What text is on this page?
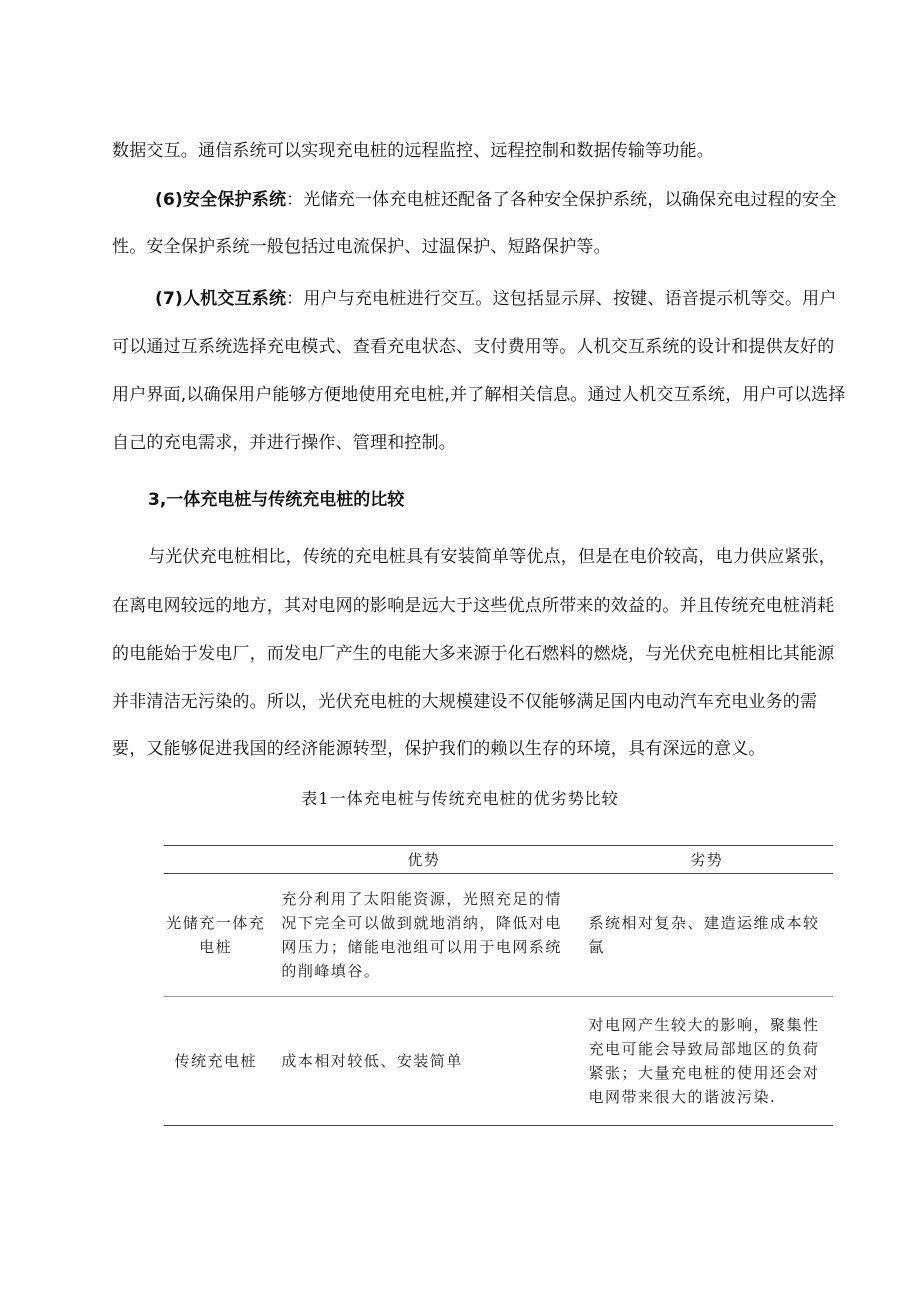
数据交互。通信系统可以实现充电桩的远程监控、远程控制和数据传输等功能。
(6)安全保护系统：光储充一体充电桩还配备了各种安全保护系统，以确保充电过程的安全
性。安全保护系统一般包括过电流保护、过温保护、短路保护等。
(7)人机交互系统：用户与充电桩进行交互。这包括显示屏、按键、语音提示机等交。用户
可以通过互系统选择充电模式、查看充电状态、支付费用等。人机交互系统的设计和提供友好的
用户界面,以确保用户能够方便地使用充电桩,并了解相关信息。通过人机交互系统，用户可以选择
自己的充电需求，并进行操作、管理和控制。
3,一体充电桩与传统充电桩的比较
与光伏充电桩相比，传统的充电桩具有安装简单等优点，但是在电价较高，电力供应紧张，
在离电网较远的地方，其对电网的影响是远大于这些优点所带来的效益的。并且传统充电桩消耗
的电能始于发电厂，而发电厂产生的电能大多来源于化石燃料的燃烧，与光伏充电桩相比其能源
并非清洁无污染的。所以，光伏充电桩的大规模建设不仅能够满足国内电动汽车充电业务的需
要，又能够促进我国的经济能源转型，保护我们的赖以生存的环境，具有深远的意义。
表1一体充电桩与传统充电桩的优劣势比较
	优势	劣势
光储充一体充电桩	充分利用了太阳能资源，光照充足的情况下完全可以做到就地消纳，降低对电网压力；储能电池组可以用于电网系统的削峰填谷。	系统相对复杂、建造运维成本较氤
传统充电桩	成本相对较低、安装简单	对电网产生较大的影响，聚集性充电可能会导致局部地区的负荷紧张；大量充电桩的使用还会对电网带来很大的谐波污染.
